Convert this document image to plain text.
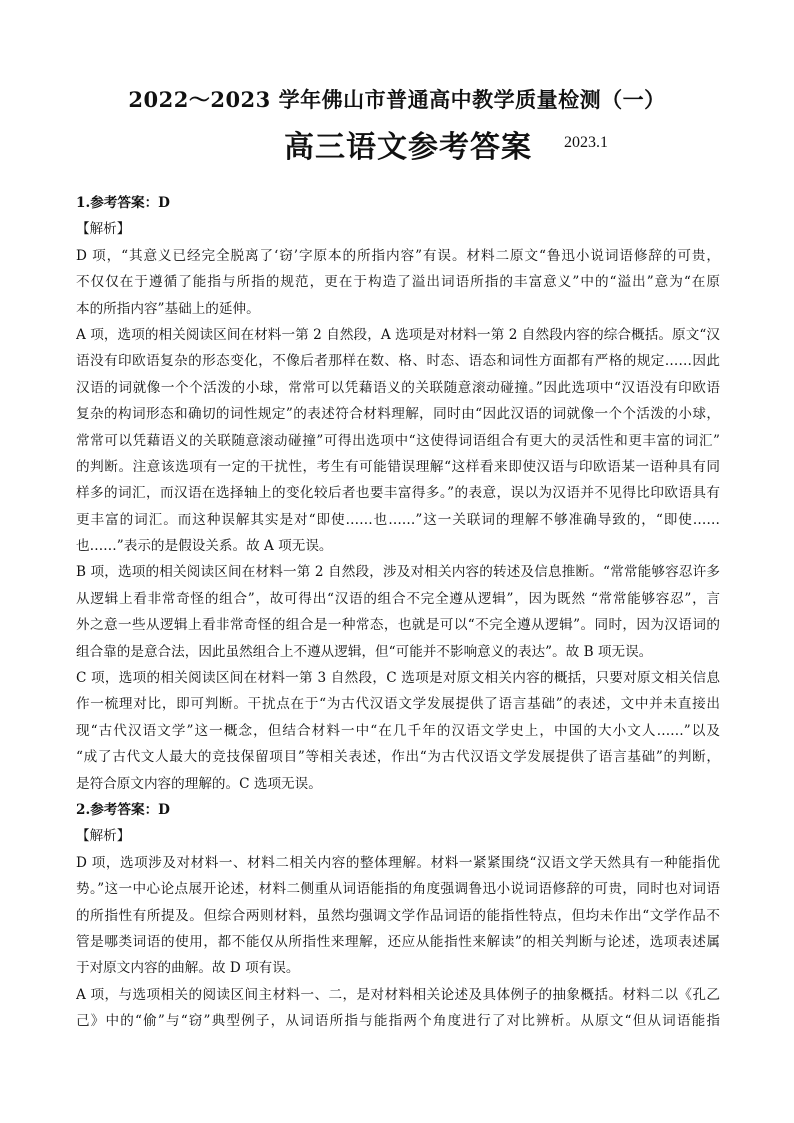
2022～2023 学年佛山市普通高中教学质量检测（一）
高三语文参考答案 2023.1
1.参考答案：D
【解析】
D 项，“其意义已经完全脱离了‘窃’字原本的所指内容”有误。材料二原文“鲁迅小说词语修辞的可贵，
不仅仅在于遵循了能指与所指的规范，更在于构造了溢出词语所指的丰富意义”中的“溢出”意为“在原
本的所指内容”基础上的延伸。
A 项，选项的相关阅读区间在材料一第 2 自然段，A 选项是对材料一第 2 自然段内容的综合概括。原文“汉
语没有印欧语复杂的形态变化，不像后者那样在数、格、时态、语态和词性方面都有严格的规定……因此
汉语的词就像一个个活泼的小球，常常可以凭藉语义的关联随意滚动碰撞。”因此选项中“汉语没有印欧语
复杂的构词形态和确切的词性规定”的表述符合材料理解，同时由“因此汉语的词就像一个个活泼的小球，
常常可以凭藉语义的关联随意滚动碰撞”可得出选项中“这使得词语组合有更大的灵活性和更丰富的词汇”
的判断。注意该选项有一定的干扰性，考生有可能错误理解“这样看来即使汉语与印欧语某一语种具有同
样多的词汇，而汉语在选择轴上的变化较后者也要丰富得多。”的表意，误以为汉语并不见得比印欧语具有
更丰富的词汇。而这种误解其实是对“即使……也……”这一关联词的理解不够准确导致的，“即使……
也……”表示的是假设关系。故 A 项无误。
B 项，选项的相关阅读区间在材料一第 2 自然段，涉及对相关内容的转述及信息推断。“常常能够容忍许多
从逻辑上看非常奇怪的组合”，故可得出“汉语的组合不完全遵从逻辑”，因为既然 “常常能够容忍”，言
外之意一些从逻辑上看非常奇怪的组合是一种常态，也就是可以“不完全遵从逻辑”。同时，因为汉语词的
组合靠的是意合法，因此虽然组合上不遵从逻辑，但“可能并不影响意义的表达”。故 B 项无误。
C 项，选项的相关阅读区间在材料一第 3 自然段，C 选项是对原文相关内容的概括，只要对原文相关信息
作一梳理对比，即可判断。干扰点在于“为古代汉语文学发展提供了语言基础”的表述，文中并未直接出
现“古代汉语文学”这一概念，但结合材料一中“在几千年的汉语文学史上，中国的大小文人……”以及
“成了古代文人最大的竞技保留项目”等相关表述，作出“为古代汉语文学发展提供了语言基础”的判断，
是符合原文内容的理解的。C 选项无误。
2.参考答案：D
【解析】
D 项，选项涉及对材料一、材料二相关内容的整体理解。材料一紧紧围绕“汉语文学天然具有一种能指优
势。”这一中心论点展开论述，材料二侧重从词语能指的角度强调鲁迅小说词语修辞的可贵，同时也对词语
的所指性有所提及。但综合两则材料，虽然均强调文学作品词语的能指性特点，但均未作出“文学作品不
管是哪类词语的使用，都不能仅从所指性来理解，还应从能指性来解读”的相关判断与论述，选项表述属
于对原文内容的曲解。故 D 项有误。
A 项，与选项相关的阅读区间主材料一、二，是对材料相关论述及具体例子的抽象概括。材料二以《孔乙
己》中的“偷”与“窃”典型例子，从词语所指与能指两个角度进行了对比辨析。从原文“但从词语能指
